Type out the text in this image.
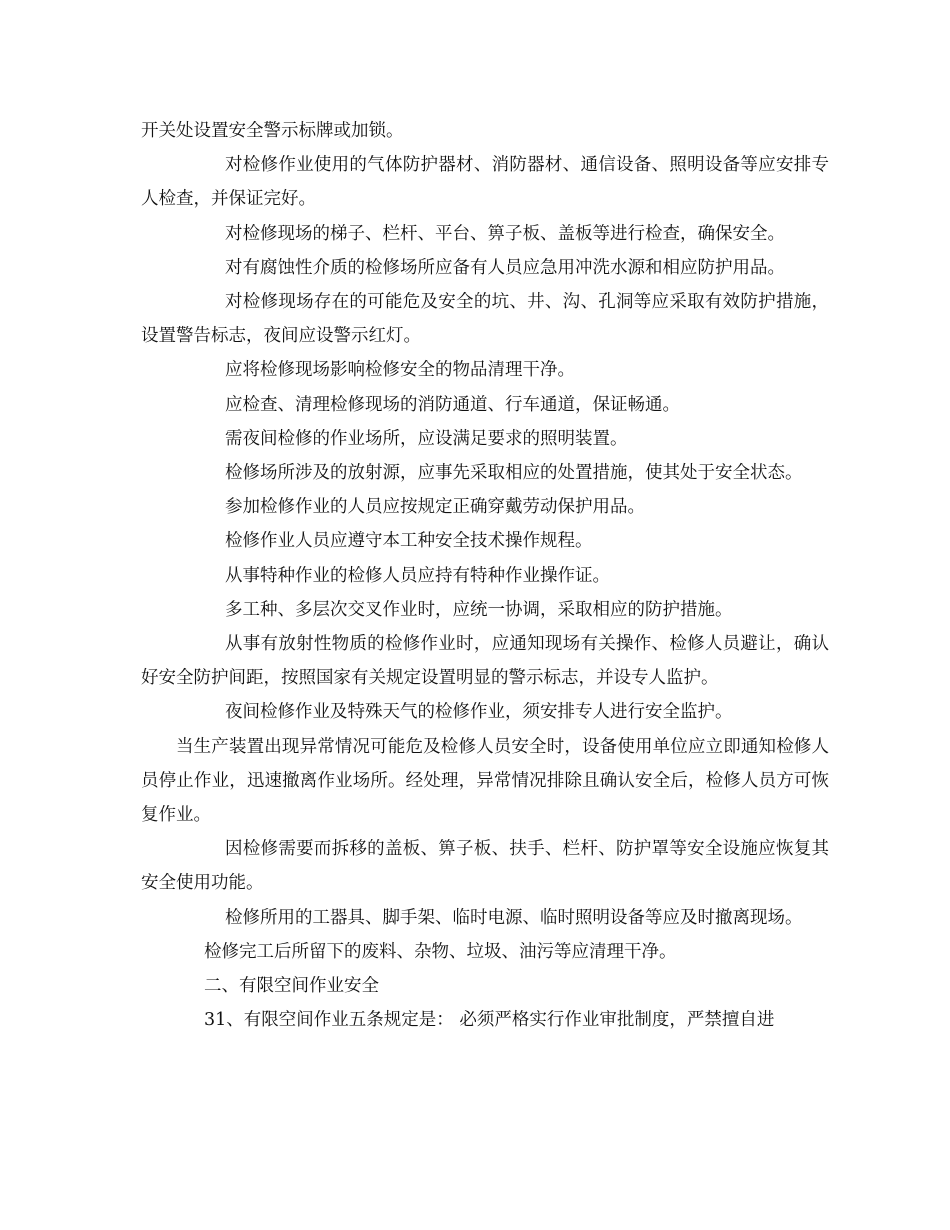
开关处设置安全警示标牌或加锁。

对检修作业使用的气体防护器材、消防器材、通信设备、照明设备等应安排专人检查，并保证完好。

对检修现场的梯子、栏杆、平台、箅子板、盖板等进行检查，确保安全。

对有腐蚀性介质的检修场所应备有人员应急用冲洗水源和相应防护用品。

对检修现场存在的可能危及安全的坑、井、沟、孔洞等应采取有效防护措施，设置警告标志，夜间应设警示红灯。

应将检修现场影响检修安全的物品清理干净。

应检查、清理检修现场的消防通道、行车通道，保证畅通。

需夜间检修的作业场所，应设满足要求的照明装置。

检修场所涉及的放射源，应事先采取相应的处置措施，使其处于安全状态。

参加检修作业的人员应按规定正确穿戴劳动保护用品。

检修作业人员应遵守本工种安全技术操作规程。

从事特种作业的检修人员应持有特种作业操作证。

多工种、多层次交叉作业时，应统一协调，采取相应的防护措施。

从事有放射性物质的检修作业时，应通知现场有关操作、检修人员避让，确认好安全防护间距，按照国家有关规定设置明显的警示标志，并设专人监护。

夜间检修作业及特殊天气的检修作业，须安排专人进行安全监护。

当生产装置出现异常情况可能危及检修人员安全时，设备使用单位应立即通知检修人员停止作业，迅速撤离作业场所。经处理，异常情况排除且确认安全后，检修人员方可恢复作业。

因检修需要而拆移的盖板、箅子板、扶手、栏杆、防护罩等安全设施应恢复其安全使用功能。

检修所用的工器具、脚手架、临时电源、临时照明设备等应及时撤离现场。

检修完工后所留下的废料、杂物、垃圾、油污等应清理干净。

二、有限空间作业安全

31、有限空间作业五条规定是： 必须严格实行作业审批制度，严禁擅自进
